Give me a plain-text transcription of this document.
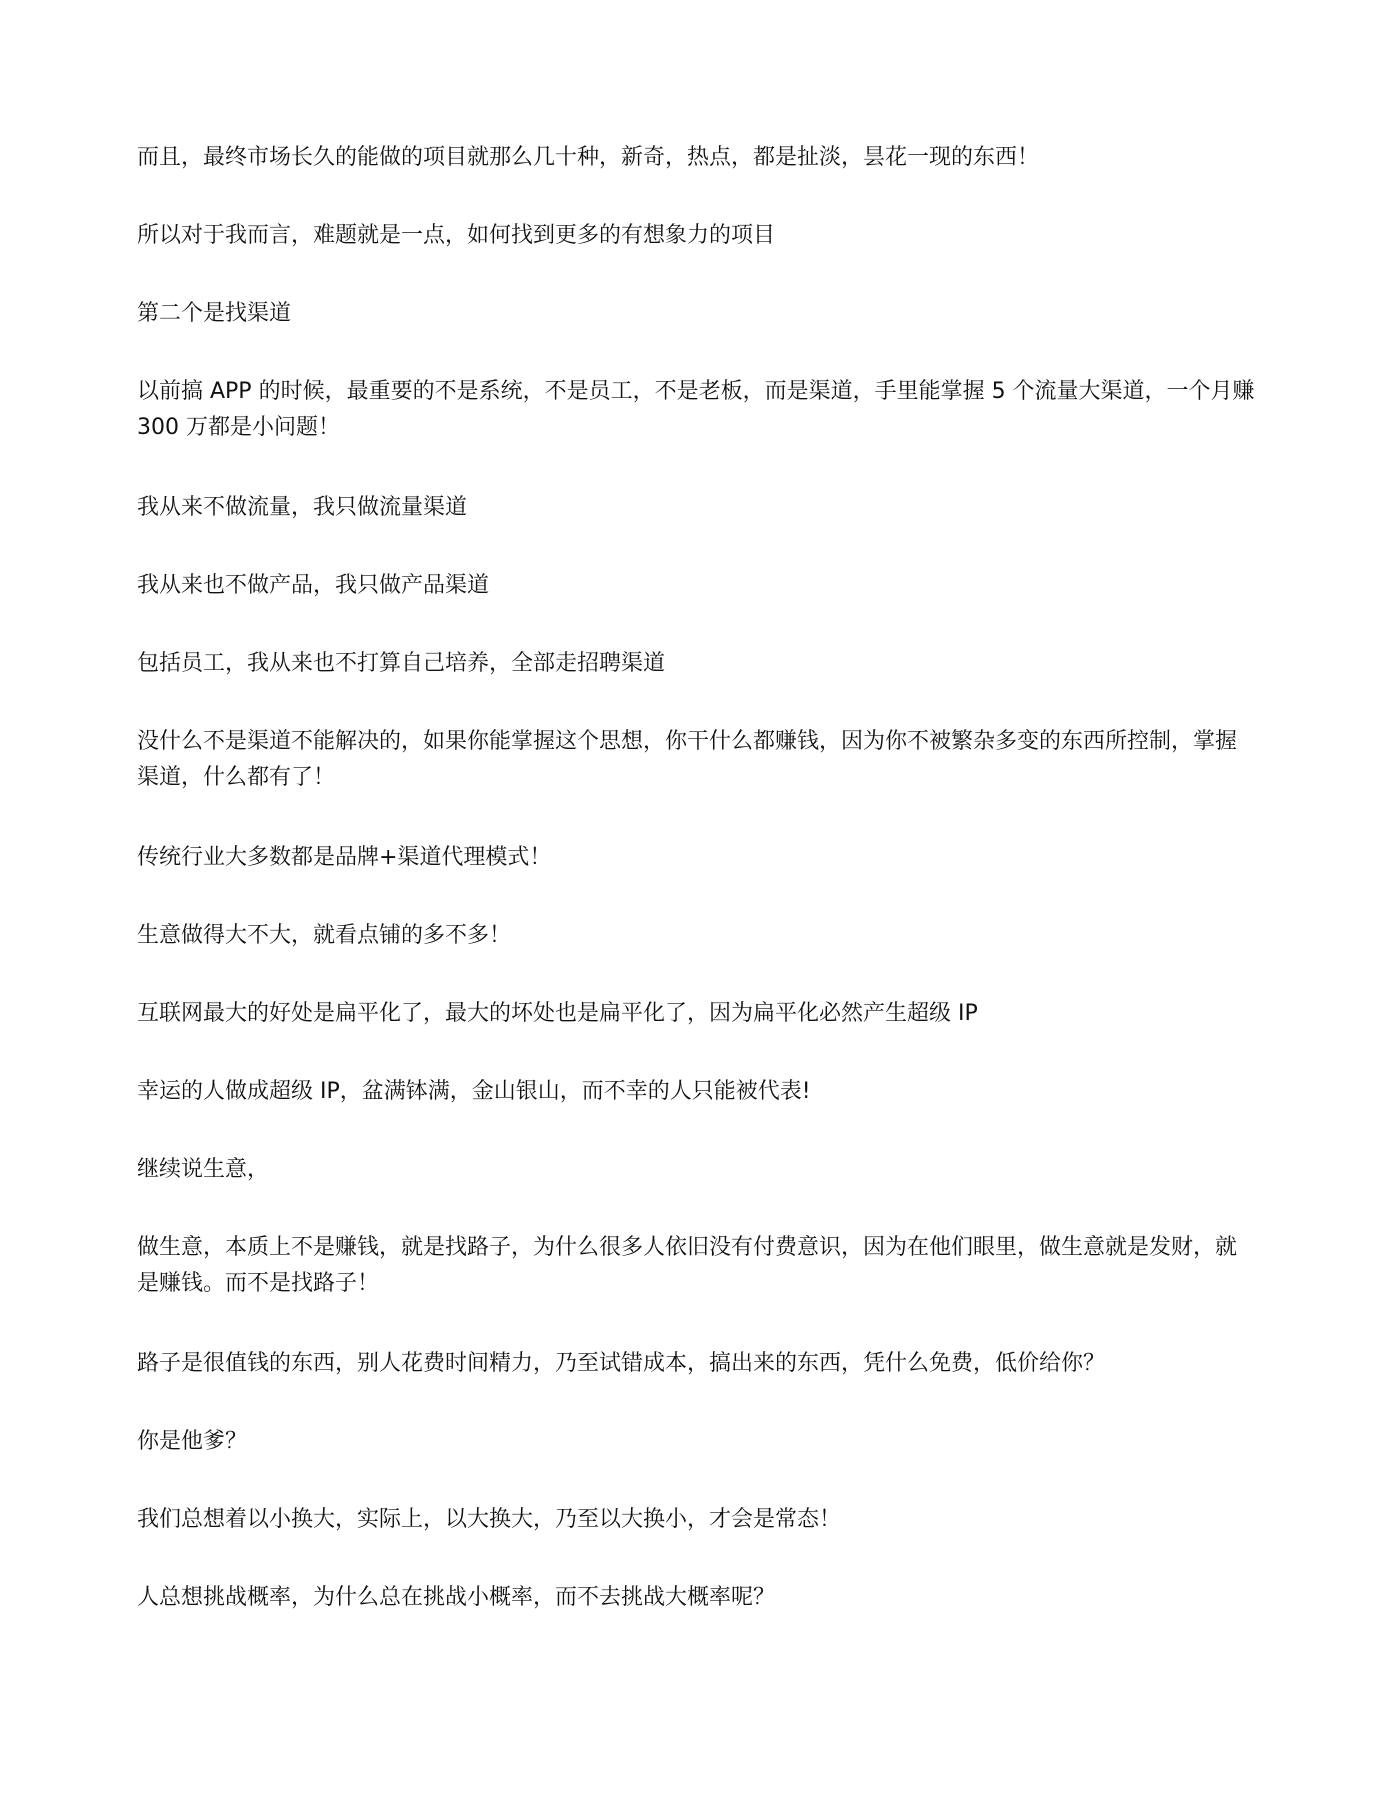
而且，最终市场长久的能做的项目就那么几十种，新奇，热点，都是扯淡，昙花一现的东西！

所以对于我而言，难题就是一点，如何找到更多的有想象力的项目

第二个是找渠道

以前搞 APP 的时候，最重要的不是系统，不是员工，不是老板，而是渠道，手里能掌握 5 个流量大渠道，一个月赚 300 万都是小问题！

我从来不做流量，我只做流量渠道

我从来也不做产品，我只做产品渠道

包括员工，我从来也不打算自己培养，全部走招聘渠道

没什么不是渠道不能解决的，如果你能掌握这个思想，你干什么都赚钱，因为你不被繁杂多变的东西所控制，掌握渠道，什么都有了！

传统行业大多数都是品牌+渠道代理模式！

生意做得大不大，就看点铺的多不多！

互联网最大的好处是扁平化了，最大的坏处也是扁平化了，因为扁平化必然产生超级 IP

幸运的人做成超级 IP，盆满钵满，金山银山，而不幸的人只能被代表!

继续说生意，

做生意，本质上不是赚钱，就是找路子，为什么很多人依旧没有付费意识，因为在他们眼里，做生意就是发财，就是赚钱。而不是找路子！

路子是很值钱的东西，别人花费时间精力，乃至试错成本，搞出来的东西，凭什么免费，低价给你？

你是他爹？

我们总想着以小换大，实际上，以大换大，乃至以大换小，才会是常态！

人总想挑战概率，为什么总在挑战小概率，而不去挑战大概率呢？
